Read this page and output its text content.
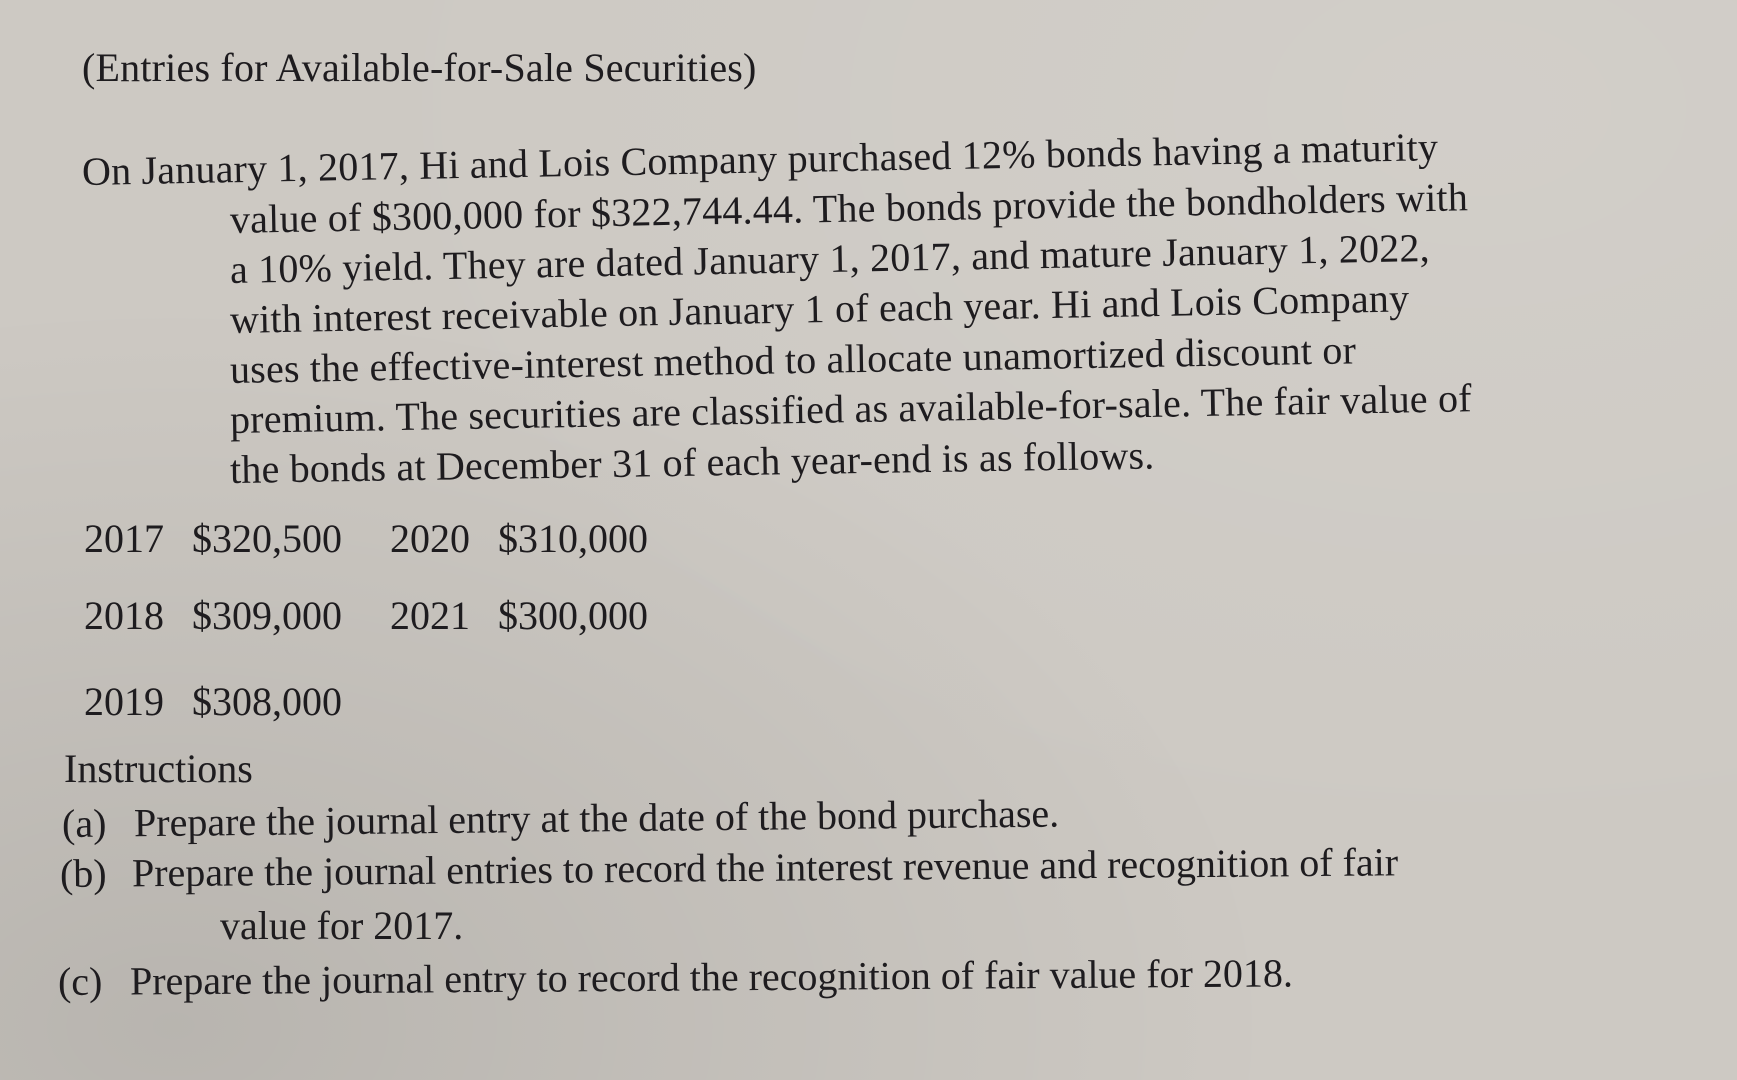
(Entries for Available-for-Sale Securities)
On January 1, 2017, Hi and Lois Company purchased 12% bonds having a maturity
value of $300,000 for $322,744.44. The bonds provide the bondholders with
a 10% yield. They are dated January 1, 2017, and mature January 1, 2022,
with interest receivable on January 1 of each year. Hi and Lois Company
uses the effective-interest method to allocate unamortized discount or
premium. The securities are classified as available-for-sale. The fair value of
the bonds at December 31 of each year-end is as follows.
2017 $320,500	2020 $310,000
2018 $309,000	2021 $300,000
2019 $308,000
Instructions
(a) Prepare the journal entry at the date of the bond purchase.
(b) Prepare the journal entries to record the interest revenue and recognition of fair
value for 2017.
(c) Prepare the journal entry to record the recognition of fair value for 2018.
